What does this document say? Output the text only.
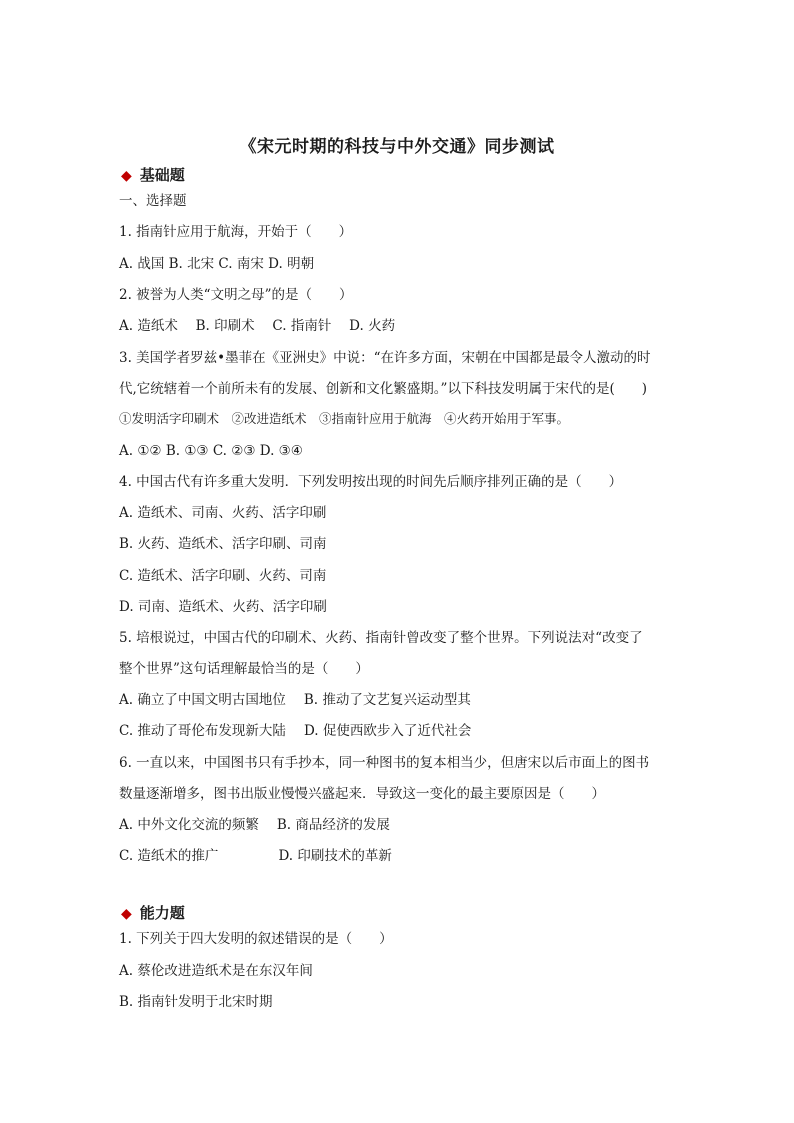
《宋元时期的科技与中外交通》同步测试
◆ 基础题
一、选择题
1. 指南针应用于航海，开始于（　　）
A. 战国 B. 北宋 C. 南宋 D. 明朝
2. 被誉为人类“文明之母”的是（　　）
A. 造纸术　 B. 印刷术　 C. 指南针　 D. 火药
3. 美国学者罗兹•墨菲在《亚洲史》中说：“在许多方面，宋朝在中国都是最令人激动的时
代,它统辖着一个前所未有的发展、创新和文化繁盛期。”以下科技发明属于宋代的是(　　)
①发明活字印刷术　②改进造纸术　③指南针应用于航海　④火药开始用于军事。
A. ①② B. ①③ C. ②③ D. ③④
4. 中国古代有许多重大发明．下列发明按出现的时间先后顺序排列正确的是（　　）
A. 造纸术、司南、火药、活字印刷
B. 火药、造纸术、活字印刷、司南
C. 造纸术、活字印刷、火药、司南
D. 司南、造纸术、火药、活字印刷
5. 培根说过，中国古代的印刷术、火药、指南针曾改变了整个世界。下列说法对“改变了
整个世界”这句话理解最恰当的是（　　）
A. 确立了中国文明古国地位 B. 推动了文艺复兴运动型其
C. 推动了哥伦布发现新大陆 D. 促使西欧步入了近代社会
6. 一直以来，中国图书只有手抄本，同一种图书的复本相当少，但唐宋以后市面上的图书
数量逐渐增多，图书出版业慢慢兴盛起来．导致这一变化的最主要原因是（　　）
A. 中外文化交流的频繁 B. 商品经济的发展
C. 造纸术的推广	D. 印刷技术的革新
◆ 能力题
1. 下列关于四大发明的叙述错误的是（　　）
A. 蔡伦改进造纸术是在东汉年间
B. 指南针发明于北宋时期
